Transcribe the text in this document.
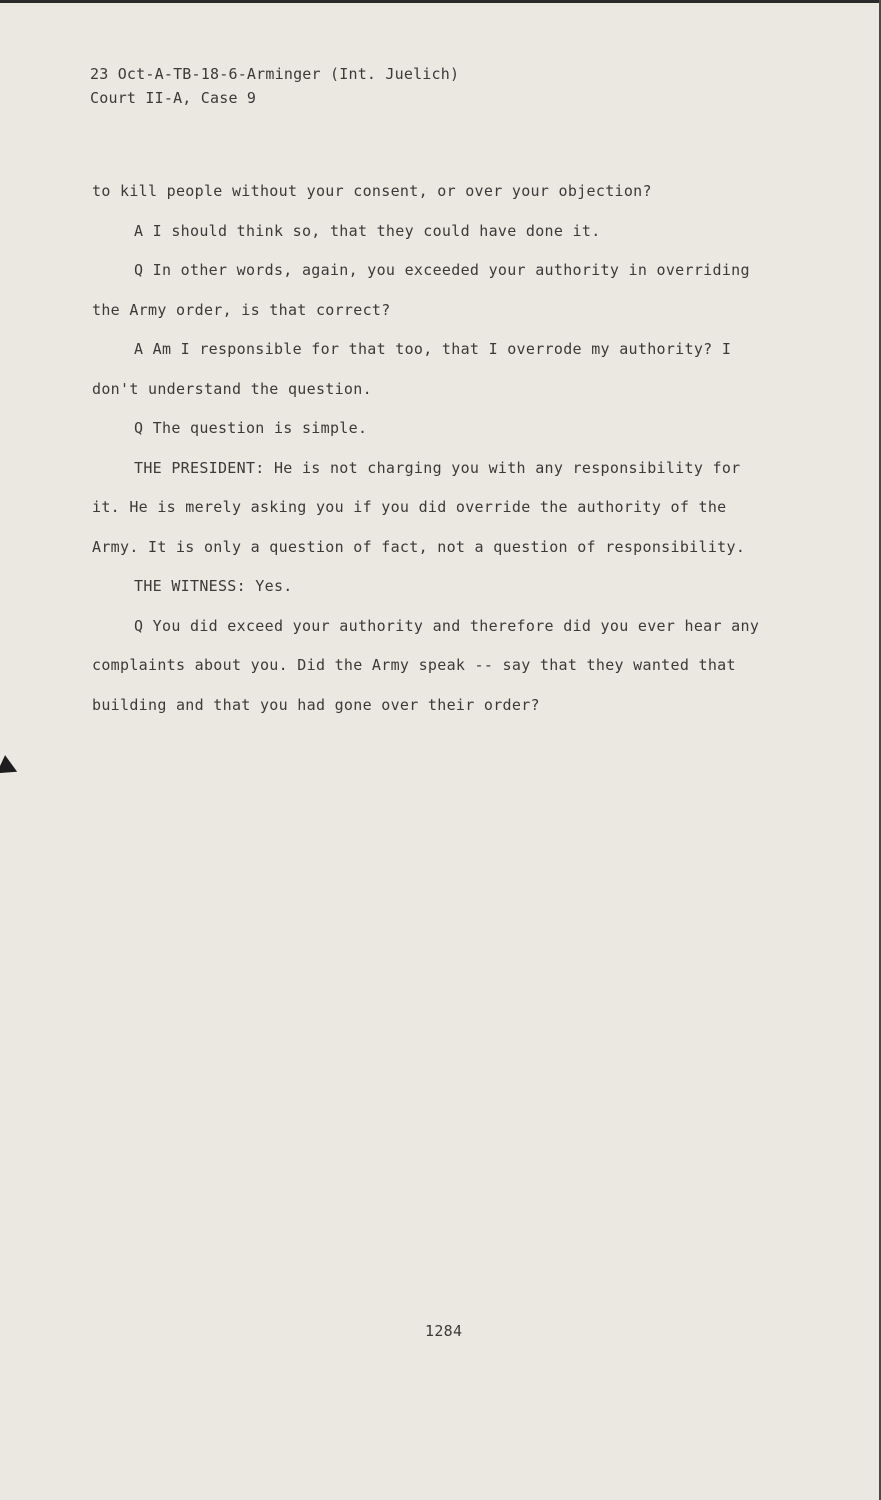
23 Oct-A-TB-18-6-Arminger (Int. Juelich)
Court II-A, Case 9
to kill people without your consent, or over your objection?
A I should think so, that they could have done it.
Q In other words, again, you exceeded your authority in overriding
the Army order, is that correct?
A Am I responsible for that too, that I overrode my authority? I
don't understand the question.
Q The question is simple.
THE PRESIDENT: He is not charging you with any responsibility for
it. He is merely asking you if you did override the authority of the
Army. It is only a question of fact, not a question of responsibility.
THE WITNESS: Yes.
Q You did exceed your authority and therefore did you ever hear any
complaints about you. Did the Army speak -- say that they wanted that
building and that you had gone over their order?
1284
